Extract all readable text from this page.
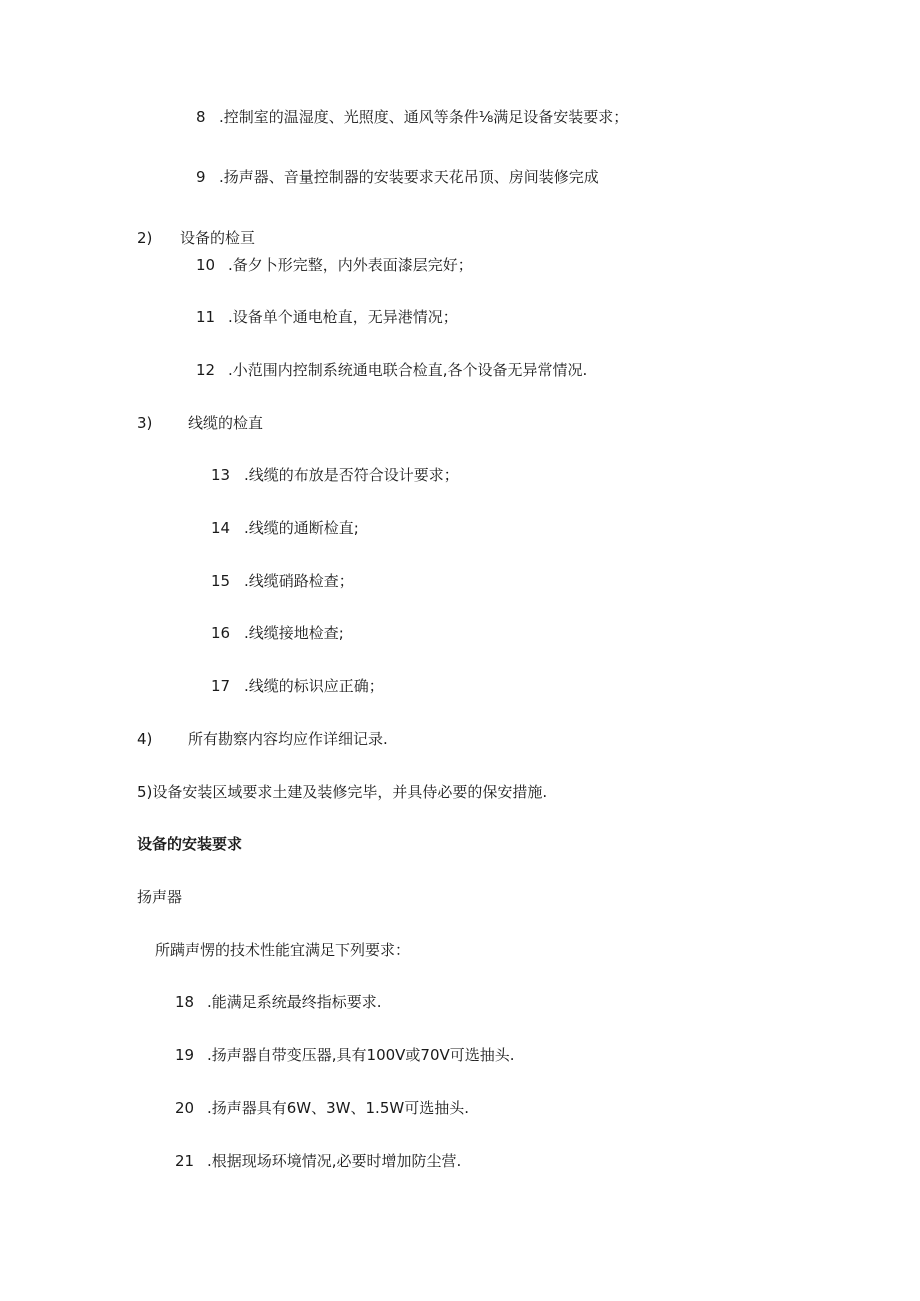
8 .控制室的温湿度、光照度、通风等条件⅛满足设备安装要求；
9 .扬声器、音量控制器的安装要求天花吊顶、房间装修完成
2) 设备的检亘
10 .备夕卜形完整，内外表面漆层完好；
11 .设备单个通电枪直，无异港情况；
12 .小范围内控制系统通电联合检直,各个设备无异常情况.
3) 线缆的检直
13 .线缆的布放是否符合设计要求；
14 .线缆的通断检直;
15 .线缆硝路检查；
16 .线缆接地检查;
17 .线缆的标识应正确；
4) 所有勘察内容均应作详细记录.
5)设备安装区域要求土建及装修完毕，并具侍必要的保安措施.
设备的安装要求
扬声器
所蹒声愣的技术性能宜满足下列要求：
18 .能满足系统最终指标要求.
19 .扬声器自带变压器,具有100V或70V可选抽头.
20 .扬声器具有6W、3W、1.5W可选抽头.
21 .根据现场环境情况,必要时增加防尘营.
